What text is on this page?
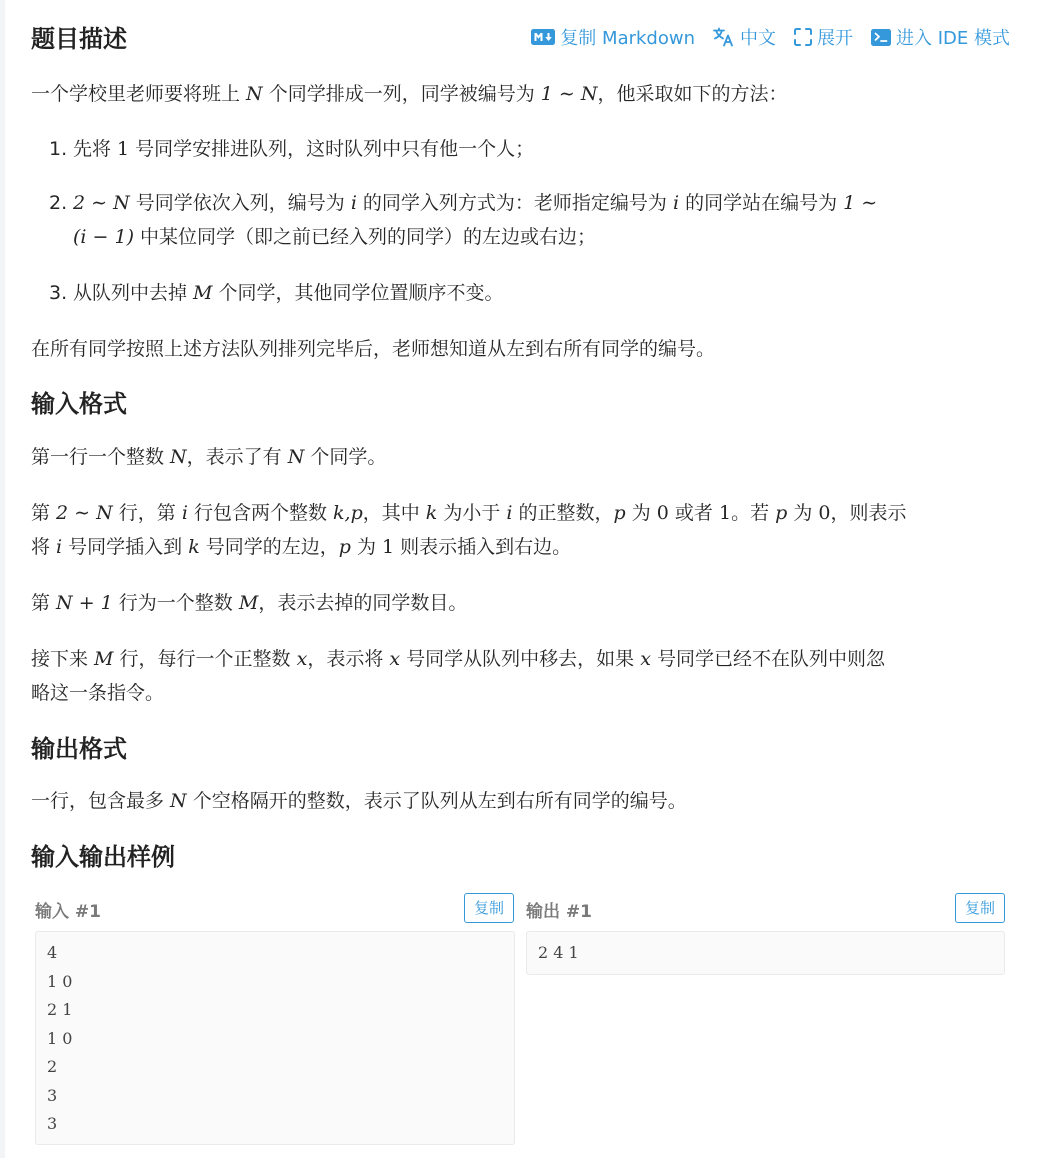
题目描述	复制 Markdown	中文 展开 进入 IDE 模式

一个学校里老师要将班上 N 个同学排成一列，同学被编号为 1 ∼ N，他采取如下的方法：

1. 先将 1 号同学安排进队列，这时队列中只有他一个人；
2. 2 ∼ N 号同学依次入列，编号为 i 的同学入列方式为：老师指定编号为 i 的同学站在编号为 1 ∼
(i − 1) 中某位同学（即之前已经入列的同学）的左边或右边；
3. 从队列中去掉 M 个同学，其他同学位置顺序不变。

在所有同学按照上述方法队列排列完毕后，老师想知道从左到右所有同学的编号。

输入格式

第一行一个整数 N，表示了有 N 个同学。

第 2 ∼ N 行，第 i 行包含两个整数 k,p，其中 k 为小于 i 的正整数，p 为 0 或者 1。若 p 为 0，则表示
将 i 号同学插入到 k 号同学的左边，p 为 1 则表示插入到右边。

第 N + 1 行为一个整数 M，表示去掉的同学数目。

接下来 M 行，每行一个正整数 x，表示将 x 号同学从队列中移去，如果 x 号同学已经不在队列中则忽
略这一条指令。

输出格式

一行，包含最多 N 个空格隔开的整数，表示了队列从左到右所有同学的编号。

输入输出样例
输入 #1	复制
4
1 0
2 1
1 0
2
3
3
输出 #1	复制
2 4 1
